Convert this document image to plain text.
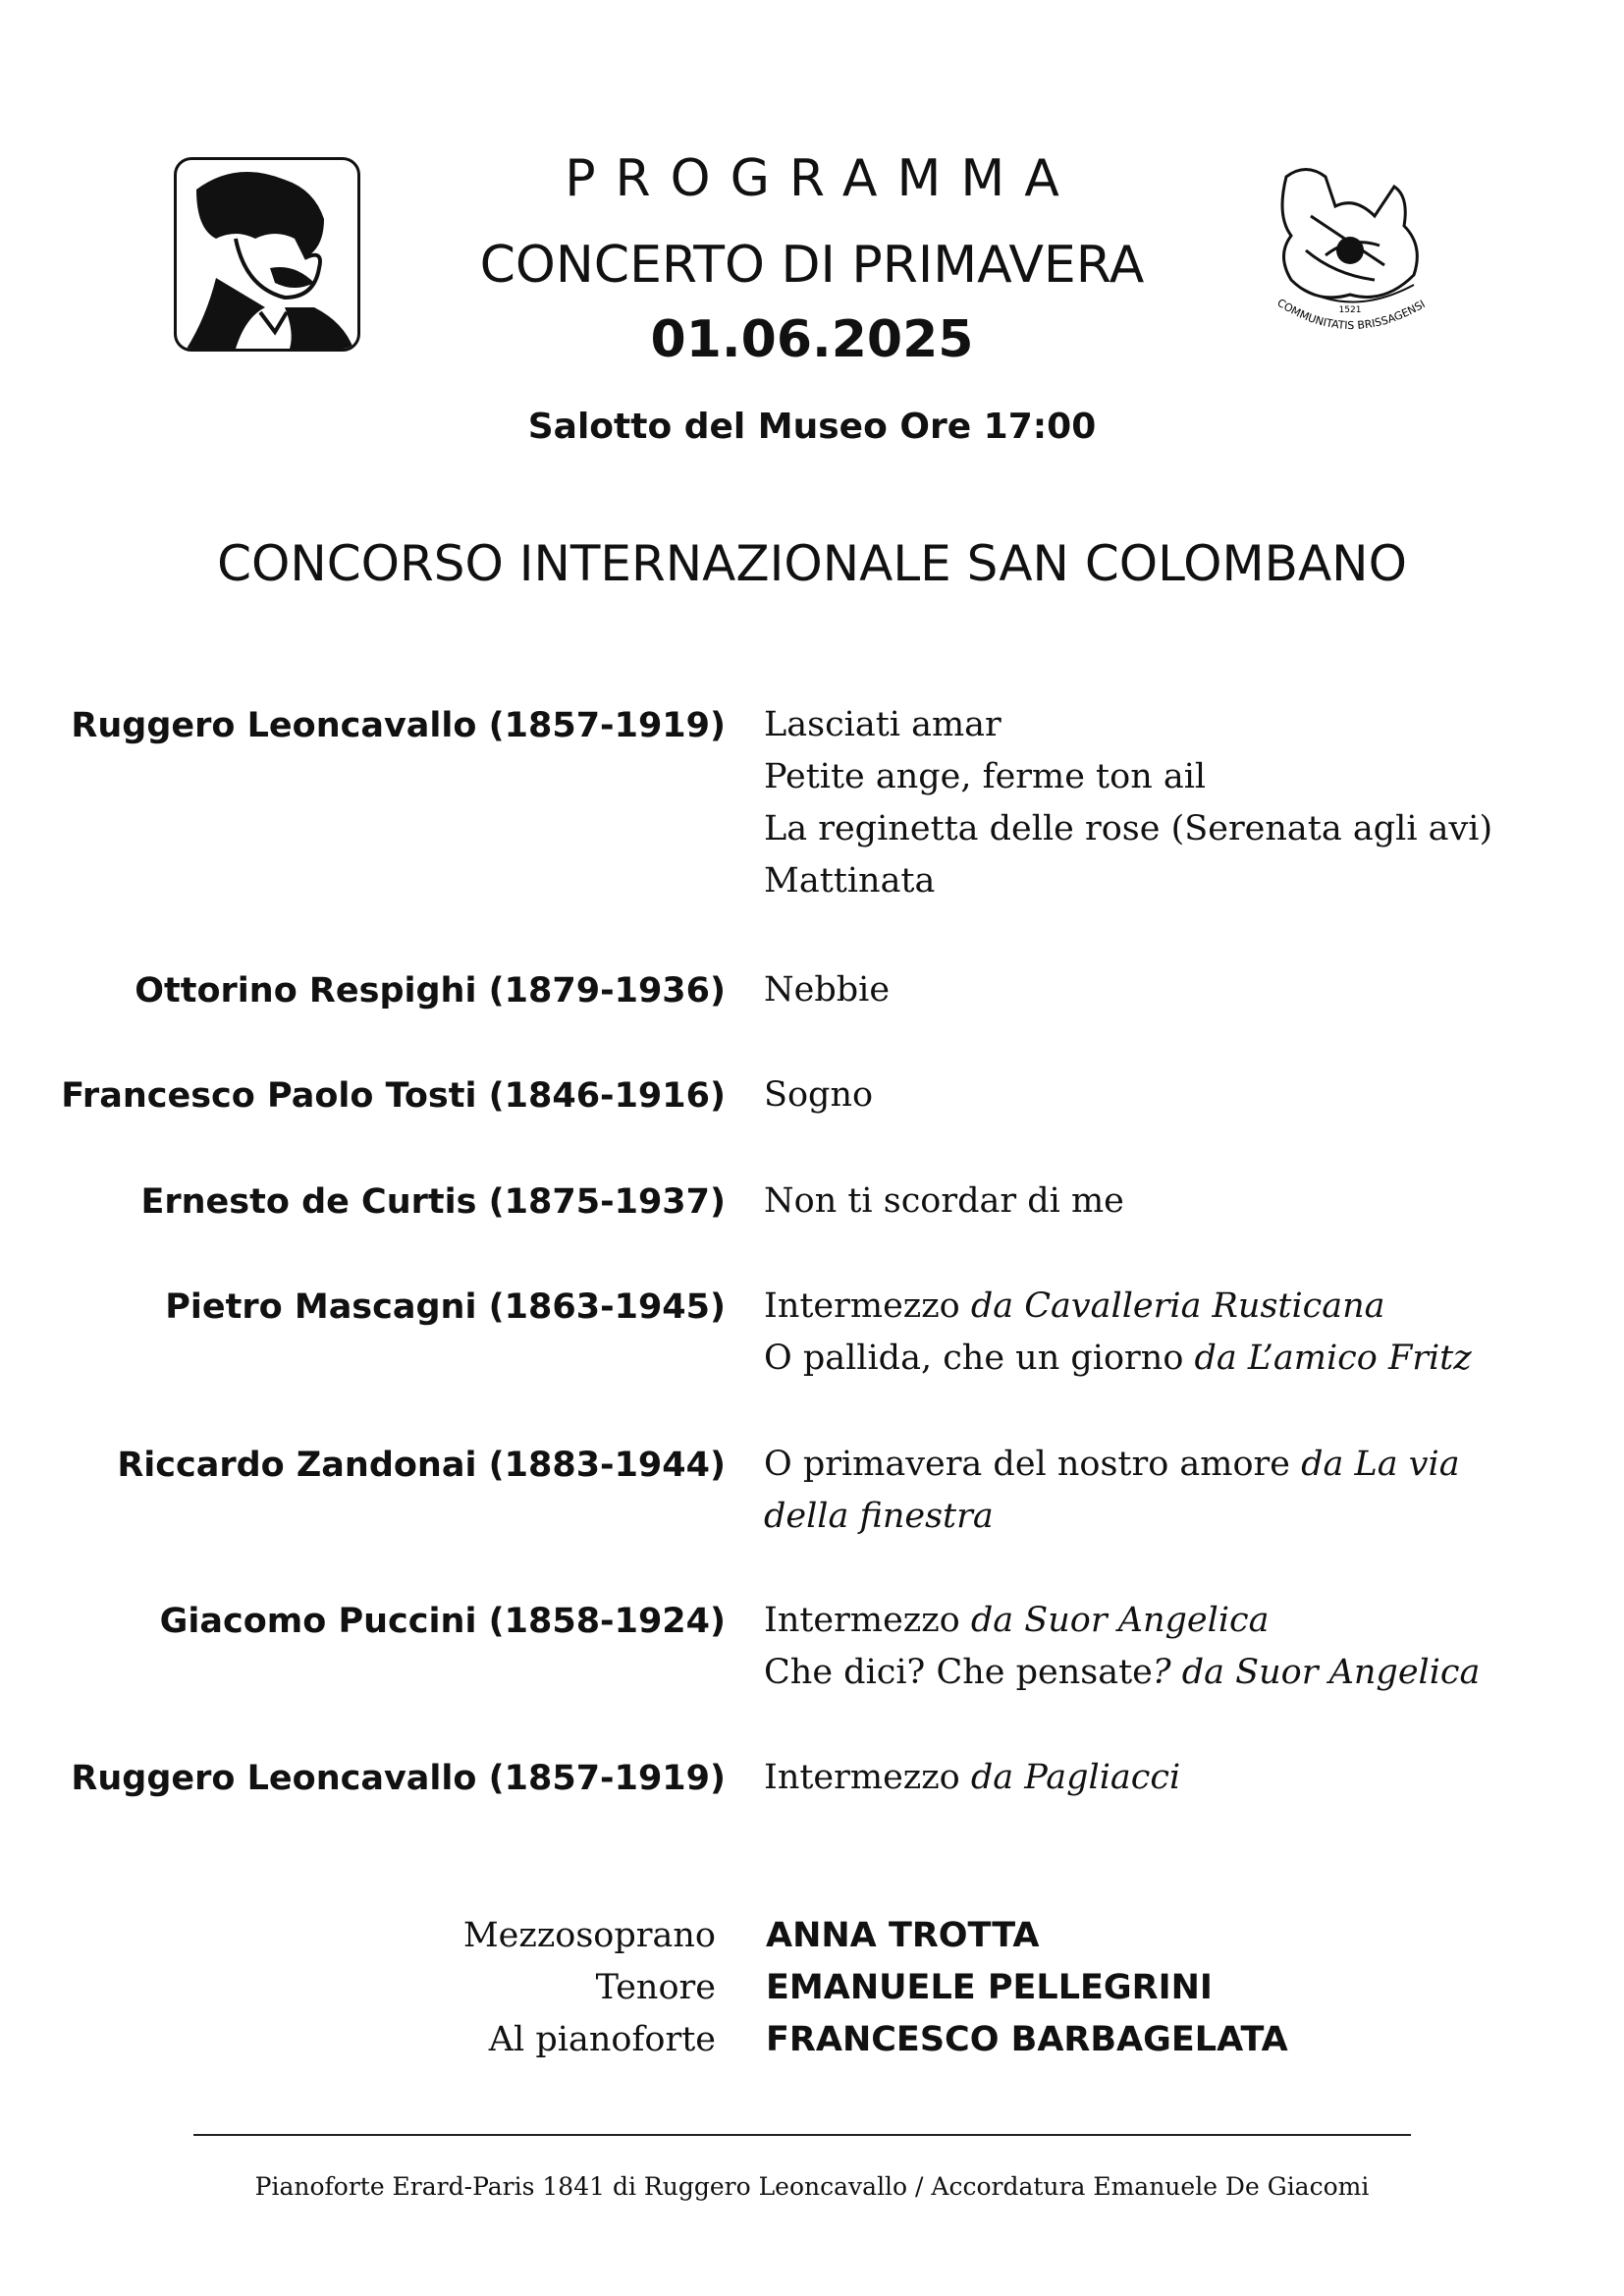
PROGRAMMA
CONCERTO DI PRIMAVERA
01.06.2025	1521
COMMUNITATIS BRISSAGENSI
Salotto del Museo Ore 17:00
CONCORSO INTERNAZIONALE SAN COLOMBANO
Ruggero Leoncavallo (1857-1919) Lasciati amar
Petite ange, ferme ton ail
La reginetta delle rose (Serenata agli avi)
Mattinata
Ottorino Respighi (1879-1936) Nebbie
Francesco Paolo Tosti (1846-1916) Sogno
Ernesto de Curtis (1875-1937) Non ti scordar di me
Pietro Mascagni (1863-1945) Intermezzo da Cavalleria Rusticana
O pallida, che un giorno da L’amico Fritz
Riccardo Zandonai (1883-1944) O primavera del nostro amore da La via della finestra
Giacomo Puccini (1858-1924) Intermezzo da Suor Angelica
Che dici? Che pensate? da Suor Angelica
Ruggero Leoncavallo (1857-1919) Intermezzo da Pagliacci
Mezzosoprano ANNA TROTTA
Tenore EMANUELE PELLEGRINI
Al pianoforte FRANCESCO BARBAGELATA
Pianoforte Erard-Paris 1841 di Ruggero Leoncavallo / Accordatura Emanuele De Giacomi
